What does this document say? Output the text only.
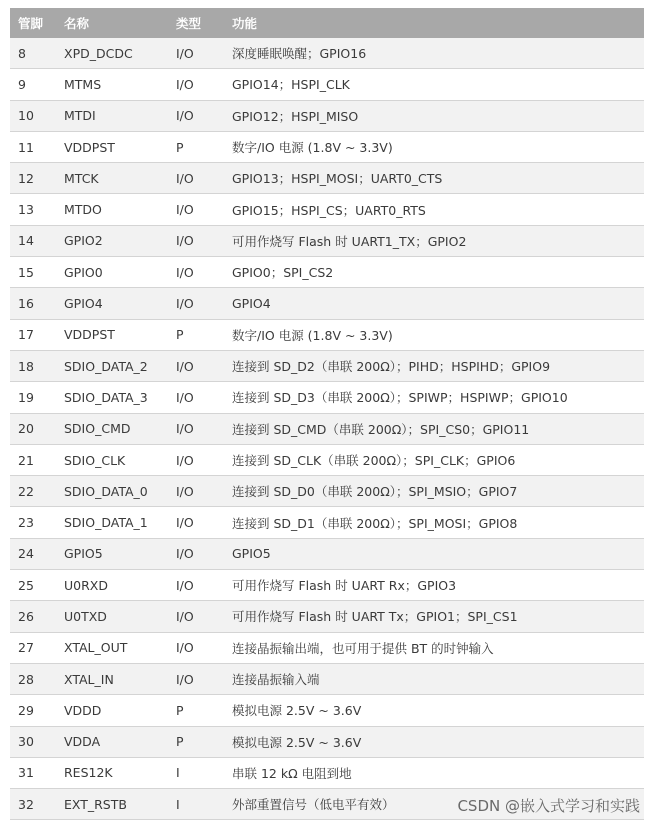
管脚	名称	类型	功能
8	XPD_DCDC	I/O	深度睡眠唤醒；GPIO16
9	MTMS	I/O	GPIO14；HSPI_CLK
10	MTDI	I/O	GPIO12；HSPI_MISO
11	VDDPST	P	数字/IO 电源 (1.8V ~ 3.3V)
12	MTCK	I/O	GPIO13；HSPI_MOSI；UART0_CTS
13	MTDO	I/O	GPIO15；HSPI_CS；UART0_RTS
14	GPIO2	I/O	可用作烧写 Flash 时 UART1_TX；GPIO2
15	GPIO0	I/O	GPIO0；SPI_CS2
16	GPIO4	I/O	GPIO4
17	VDDPST	P	数字/IO 电源 (1.8V ~ 3.3V)
18	SDIO_DATA_2	I/O	连接到 SD_D2（串联 200Ω）；PIHD；HSPIHD；GPIO9
19	SDIO_DATA_3	I/O	连接到 SD_D3（串联 200Ω）；SPIWP；HSPIWP；GPIO10
20	SDIO_CMD	I/O	连接到 SD_CMD（串联 200Ω）；SPI_CS0；GPIO11
21	SDIO_CLK	I/O	连接到 SD_CLK（串联 200Ω）；SPI_CLK；GPIO6
22	SDIO_DATA_0	I/O	连接到 SD_D0（串联 200Ω）；SPI_MSIO；GPIO7
23	SDIO_DATA_1	I/O	连接到 SD_D1（串联 200Ω）；SPI_MOSI；GPIO8
24	GPIO5	I/O	GPIO5
25	U0RXD	I/O	可用作烧写 Flash 时 UART Rx；GPIO3
26	U0TXD	I/O	可用作烧写 Flash 时 UART Tx；GPIO1；SPI_CS1
27	XTAL_OUT	I/O	连接晶振输出端，也可用于提供 BT 的时钟输入
28	XTAL_IN	I/O	连接晶振输入端
29	VDDD	P	模拟电源 2.5V ~ 3.6V
30	VDDA	P	模拟电源 2.5V ~ 3.6V
31	RES12K	I	串联 12 kΩ 电阻到地
32	EXT_RSTB	I	外部重置信号（低电平有效）	CSDN @嵌入式学习和实践
